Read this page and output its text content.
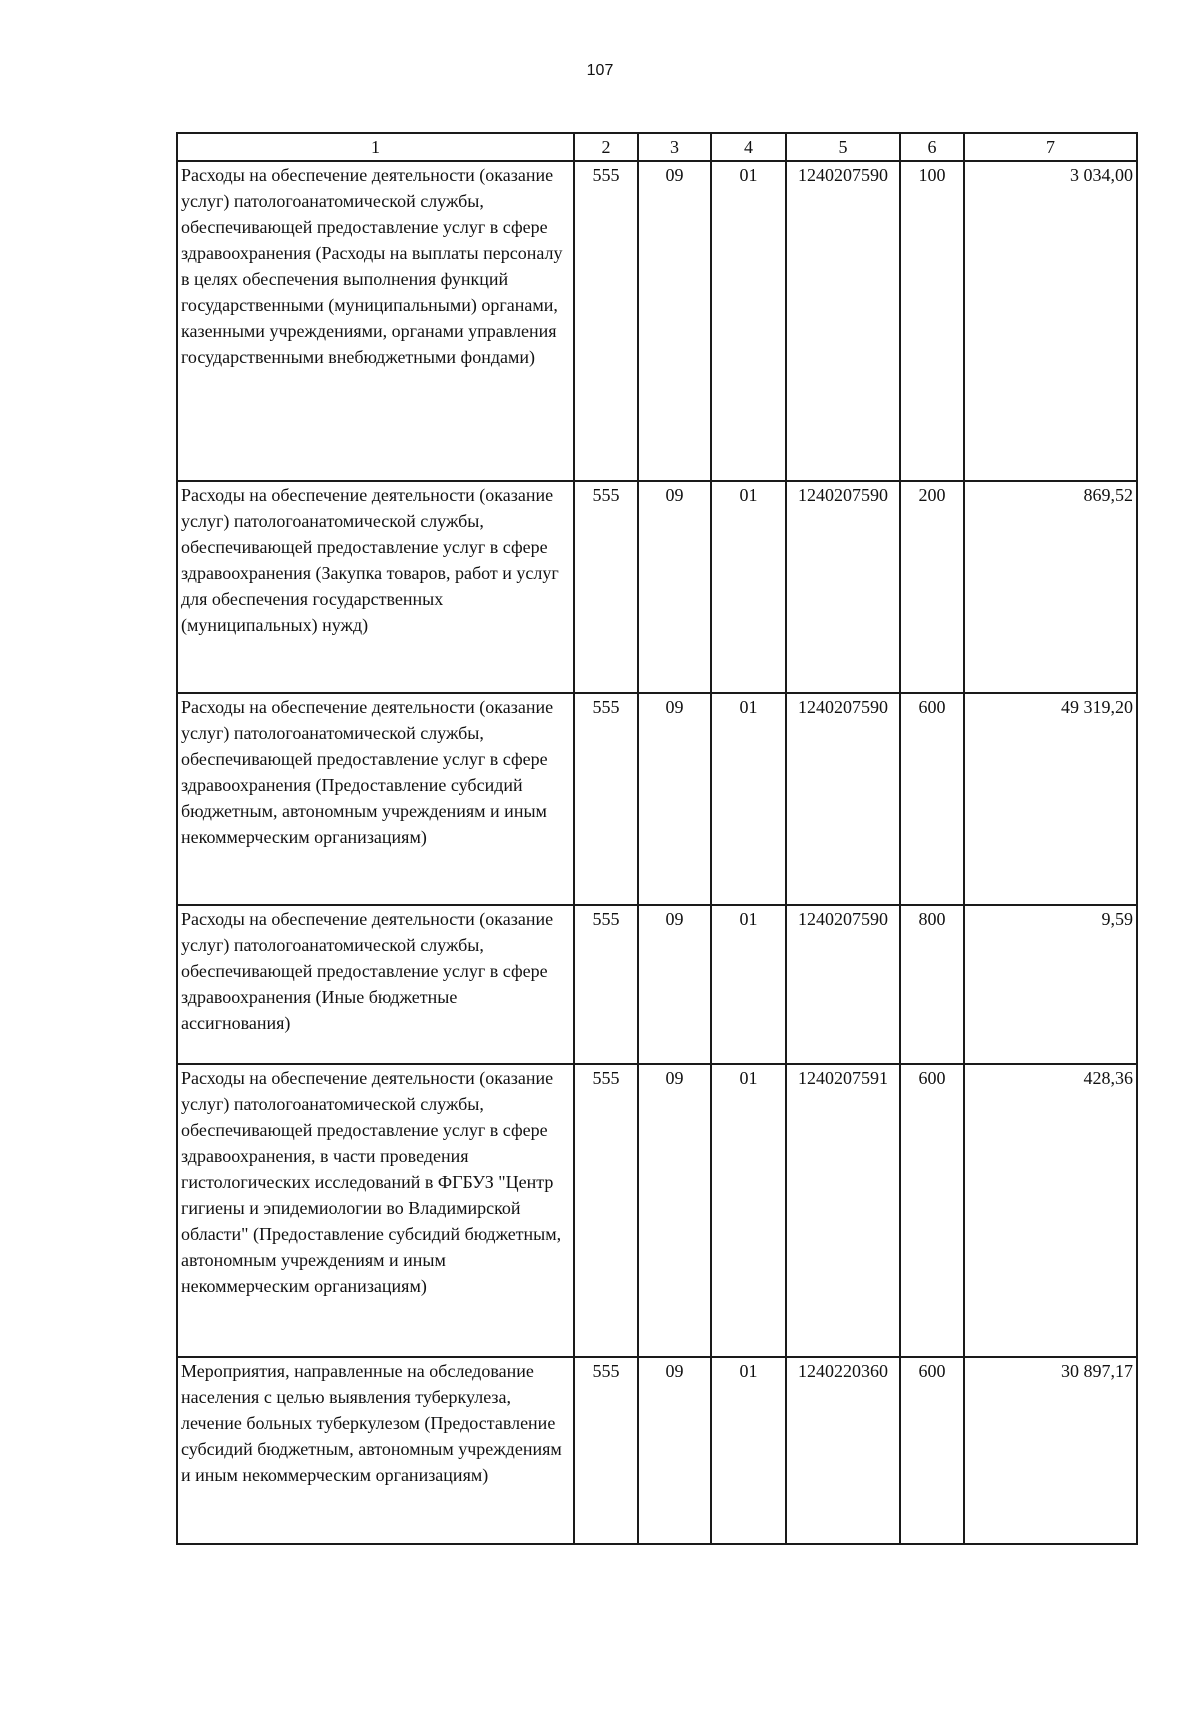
107
1	2	3	4	5	6	7
Расходы на обеспечение деятельности (оказание услуг) патологоанатомической службы, обеспечивающей предоставление услуг в сфере здравоохранения (Расходы на выплаты персоналу в целях обеспечения выполнения функций государственными (муниципальными) органами, казенными учреждениями, органами управления государственными внебюджетными фондами)	555	09	01	1240207590	100	3 034,00
Расходы на обеспечение деятельности (оказание услуг) патологоанатомической службы, обеспечивающей предоставление услуг в сфере здравоохранения (Закупка товаров, работ и услуг для обеспечения государственных (муниципальных) нужд)	555	09	01	1240207590	200	869,52
Расходы на обеспечение деятельности (оказание услуг) патологоанатомической службы, обеспечивающей предоставление услуг в сфере здравоохранения (Предоставление субсидий бюджетным, автономным учреждениям и иным некоммерческим организациям)	555	09	01	1240207590	600	49 319,20
Расходы на обеспечение деятельности (оказание услуг) патологоанатомической службы, обеспечивающей предоставление услуг в сфере здравоохранения (Иные бюджетные ассигнования)	555	09	01	1240207590	800	9,59
Расходы на обеспечение деятельности (оказание услуг) патологоанатомической службы, обеспечивающей предоставление услуг в сфере здравоохранения, в части проведения гистологических исследований в ФГБУЗ "Центр гигиены и эпидемиологии во Владимирской области" (Предоставление субсидий бюджетным, автономным учреждениям и иным некоммерческим организациям)	555	09	01	1240207591	600	428,36
Мероприятия, направленные на обследование населения с целью выявления туберкулеза, лечение больных туберкулезом (Предоставление субсидий бюджетным, автономным учреждениям и иным некоммерческим организациям)	555	09	01	1240220360	600	30 897,17
